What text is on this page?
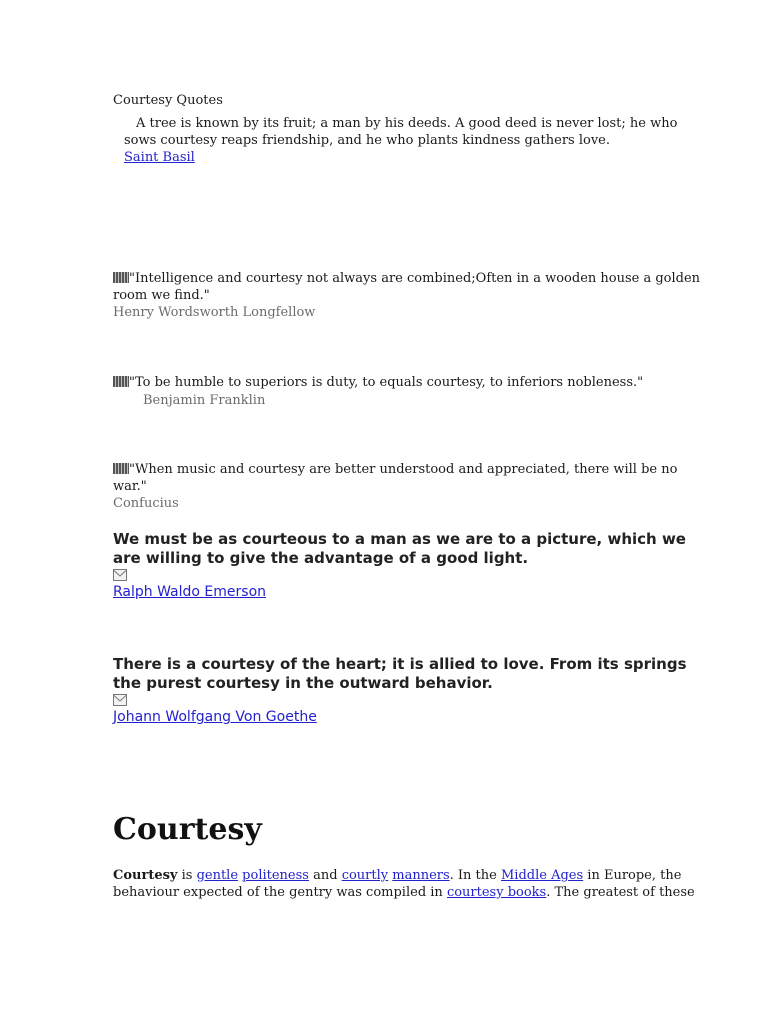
Courtesy Quotes
A tree is known by its fruit; a man by his deeds. A good deed is never lost; he who
sows courtesy reaps friendship, and he who plants kindness gathers love.
Saint Basil
"Intelligence and courtesy not always are combined;Often in a wooden house a golden
room we find."
Henry Wordsworth Longfellow
"To be humble to superiors is duty, to equals courtesy, to inferiors nobleness."
Benjamin Franklin
"When music and courtesy are better understood and appreciated, there will be no
war."
Confucius
We must be as courteous to a man as we are to a picture, which we
are willing to give the advantage of a good light.
Ralph Waldo Emerson
There is a courtesy of the heart; it is allied to love. From its springs
the purest courtesy in the outward behavior.
Johann Wolfgang Von Goethe
Courtesy
Courtesy is gentle politeness and courtly manners. In the Middle Ages in Europe, the
behaviour expected of the gentry was compiled in courtesy books. The greatest of these
